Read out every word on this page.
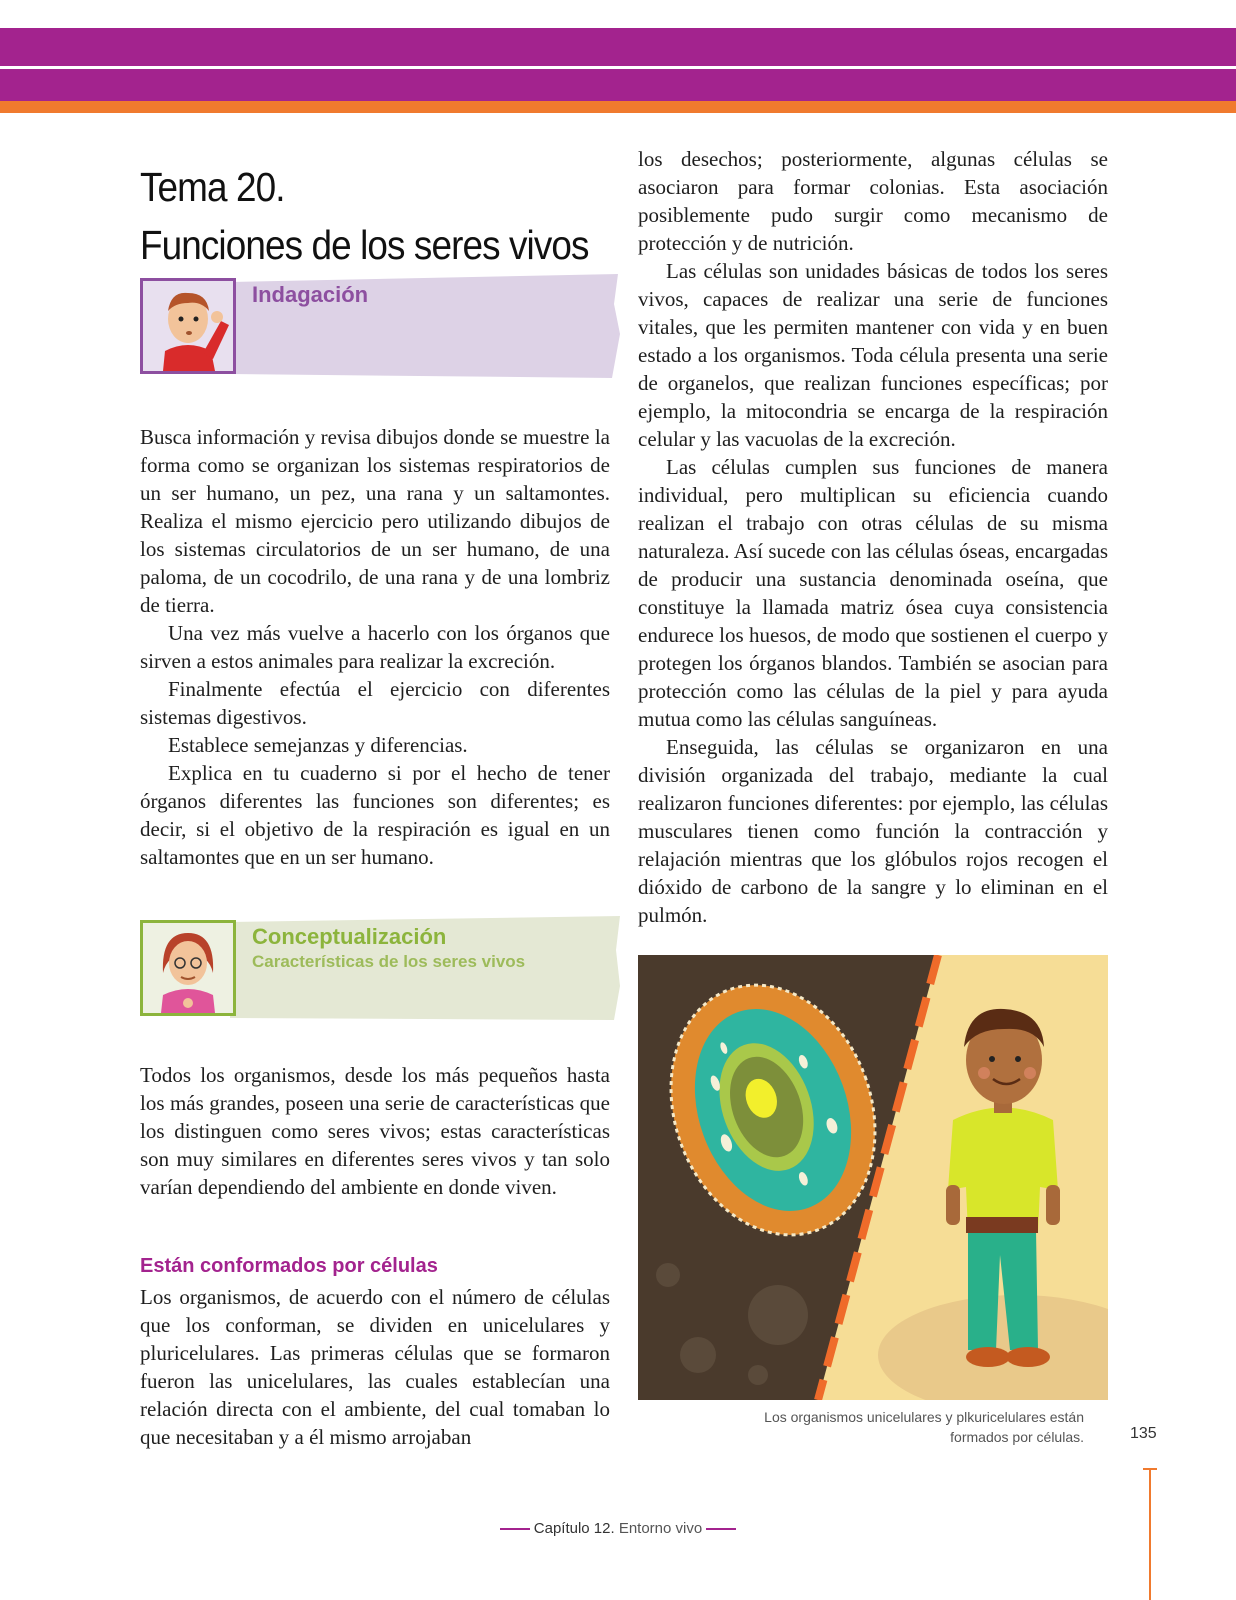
Tema 20.
Funciones de los seres vivos
Indagación

Busca información y revisa dibujos donde se muestre la forma como se organizan los sistemas respiratorios de un ser humano, un pez, una rana y un saltamontes. Realiza el mismo ejercicio pero utilizando dibujos de los sistemas circulatorios de un ser humano, de una paloma, de un cocodrilo, de una rana y de una lombriz de tierra.

Una vez más vuelve a hacerlo con los órganos que sirven a estos animales para realizar la excreción.

Finalmente efectúa el ejercicio con diferentes sistemas digestivos.

Establece semejanzas y diferencias.

Explica en tu cuaderno si por el hecho de tener órganos diferentes las funciones son diferentes; es decir, si el objetivo de la respiración es igual en un saltamontes que en un ser humano.

Conceptualización
Características de los seres vivos

Todos los organismos, desde los más pequeños hasta los más grandes, poseen una serie de características que los distinguen como seres vivos; estas características son muy similares en diferentes seres vivos y tan solo varían dependiendo del ambiente en donde viven.

Están conformados por células

Los organismos, de acuerdo con el número de células que los conforman, se dividen en unicelulares y pluricelulares. Las primeras células que se formaron fueron las unicelulares, las cuales establecían una relación directa con el ambiente, del cual tomaban lo que necesitaban y a él mismo arrojaban

los desechos; posteriormente, algunas células se asociaron para formar colonias. Esta asociación posiblemente pudo surgir como mecanismo de protección y de nutrición.

Las células son unidades básicas de todos los seres vivos, capaces de realizar una serie de funciones vitales, que les permiten mantener con vida y en buen estado a los organismos. Toda célula presenta una serie de organelos, que realizan funciones específicas; por ejemplo, la mitocondria se encarga de la respiración celular y las vacuolas de la excreción.

Las células cumplen sus funciones de manera individual, pero multiplican su eficiencia cuando realizan el trabajo con otras células de su misma naturaleza. Así sucede con las células óseas, encargadas de producir una sustancia denominada oseína, que constituye la llamada matriz ósea cuya consistencia endurece los huesos, de modo que sostienen el cuerpo y protegen los órganos blandos. También se asocian para protección como las células de la piel y para ayuda mutua como las células sanguíneas.

Enseguida, las células se organizaron en una división organizada del trabajo, mediante la cual realizaron funciones diferentes: por ejemplo, las células musculares tienen como función la contracción y relajación mientras que los glóbulos rojos recogen el dióxido de carbono de la sangre y lo eliminan en el pulmón.

Los organismos unicelulares y plkuricelulares están
formados por células.	135
Capítulo 12. Entorno vivo
